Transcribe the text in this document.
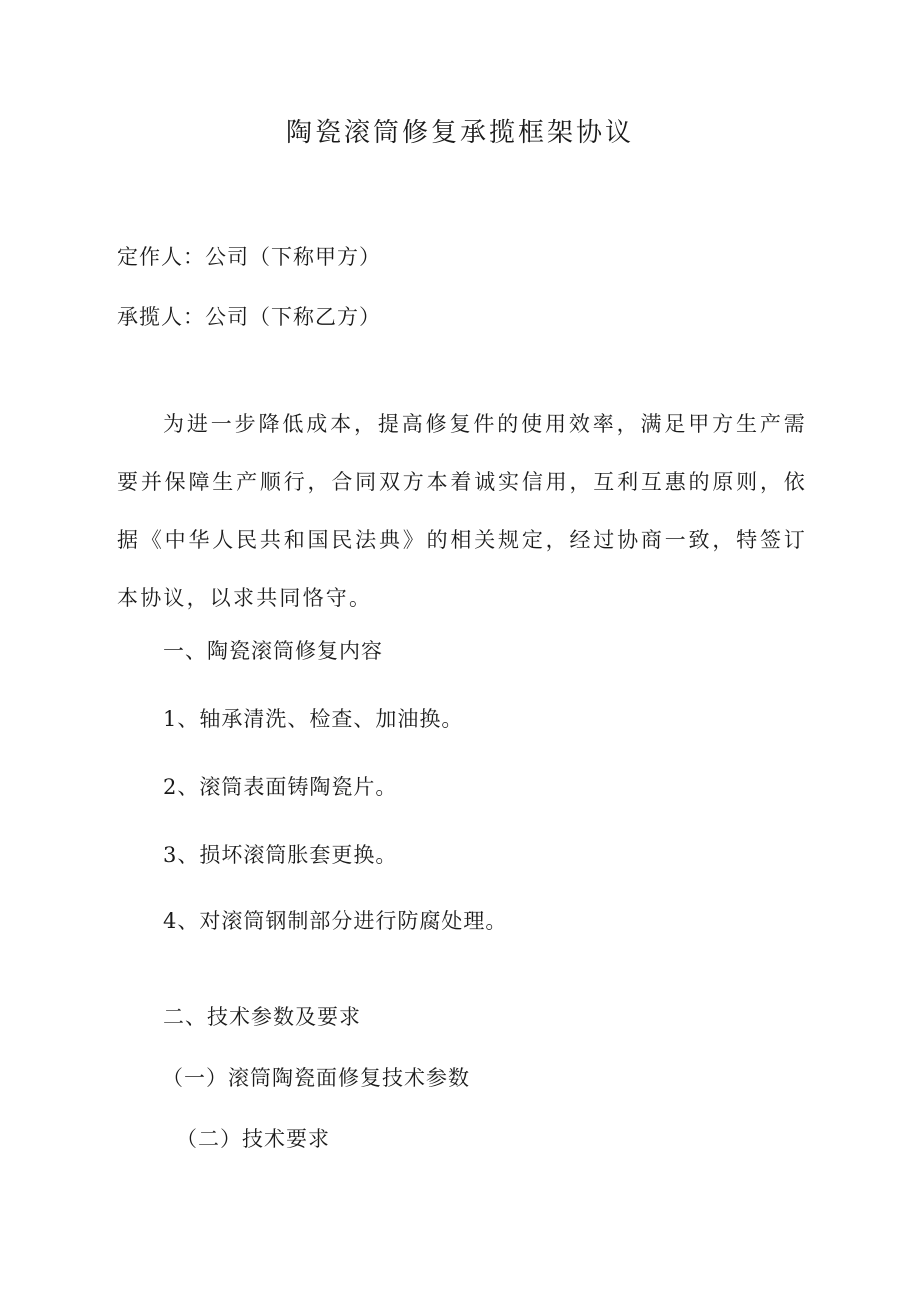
陶瓷滚筒修复承揽框架协议
定作人：公司（下称甲方）
承揽人：公司（下称乙方）
为进一步降低成本，提高修复件的使用效率，满足甲方生产需要并保障生产顺行，合同双方本着诚实信用，互利互惠的原则，依据《中华人民共和国民法典》的相关规定，经过协商一致，特签订本协议，以求共同恪守。
一、陶瓷滚筒修复内容
1、轴承清洗、检查、加油换。
2、滚筒表面铸陶瓷片。
3、损坏滚筒胀套更换。
4、对滚筒钢制部分进行防腐处理。
二、技术参数及要求
（一）滚筒陶瓷面修复技术参数
（二）技术要求
